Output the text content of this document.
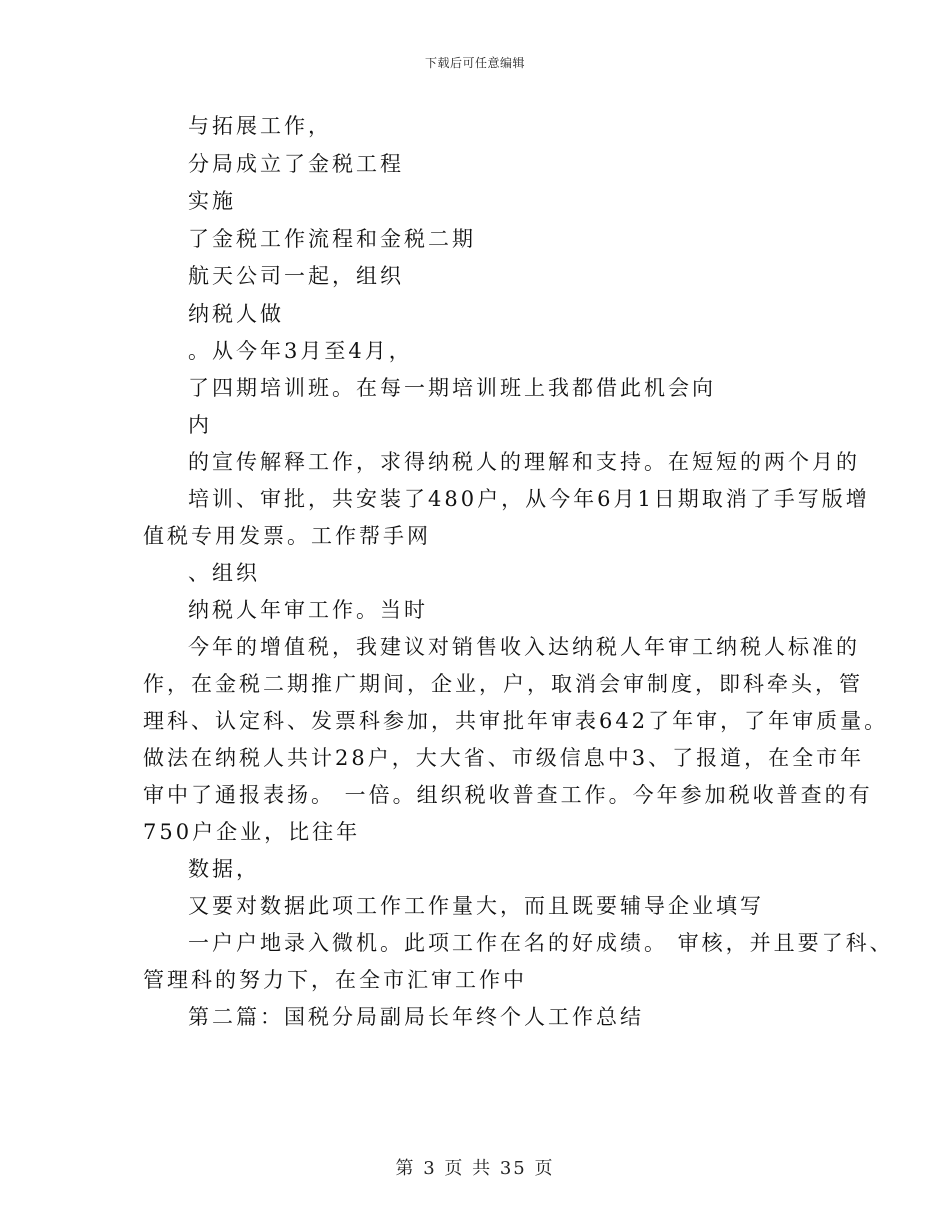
下载后可任意编辑
与拓展工作，
分局成立了金税工程
实施
了金税工作流程和金税二期
航天公司一起，组织
纳税人做
。从今年3月至4月，
了四期培训班。在每一期培训班上我都借此机会向
内
的宣传解释工作，求得纳税人的理解和支持。在短短的两个月的
培训、审批，共安装了480户，从今年6月1日期取消了手写版增
值税专用发票。工作帮手网
、组织
纳税人年审工作。当时
今年的增值税，我建议对销售收入达纳税人年审工纳税人标准的
作，在金税二期推广期间，企业，户，取消会审制度，即科牵头，管
理科、认定科、发票科参加，共审批年审表642了年审，了年审质量。
做法在纳税人共计28户，大大省、市级信息中3、了报道，在全市年
审中了通报表扬。 一倍。组织税收普查工作。今年参加税收普查的有
750户企业，比往年
数据，
又要对数据此项工作工作量大，而且既要辅导企业填写
一户户地录入微机。此项工作在名的好成绩。 审核，并且要了科、
管理科的努力下，在全市汇审工作中
第二篇：国税分局副局长年终个人工作总结
第 3 页 共 35 页
